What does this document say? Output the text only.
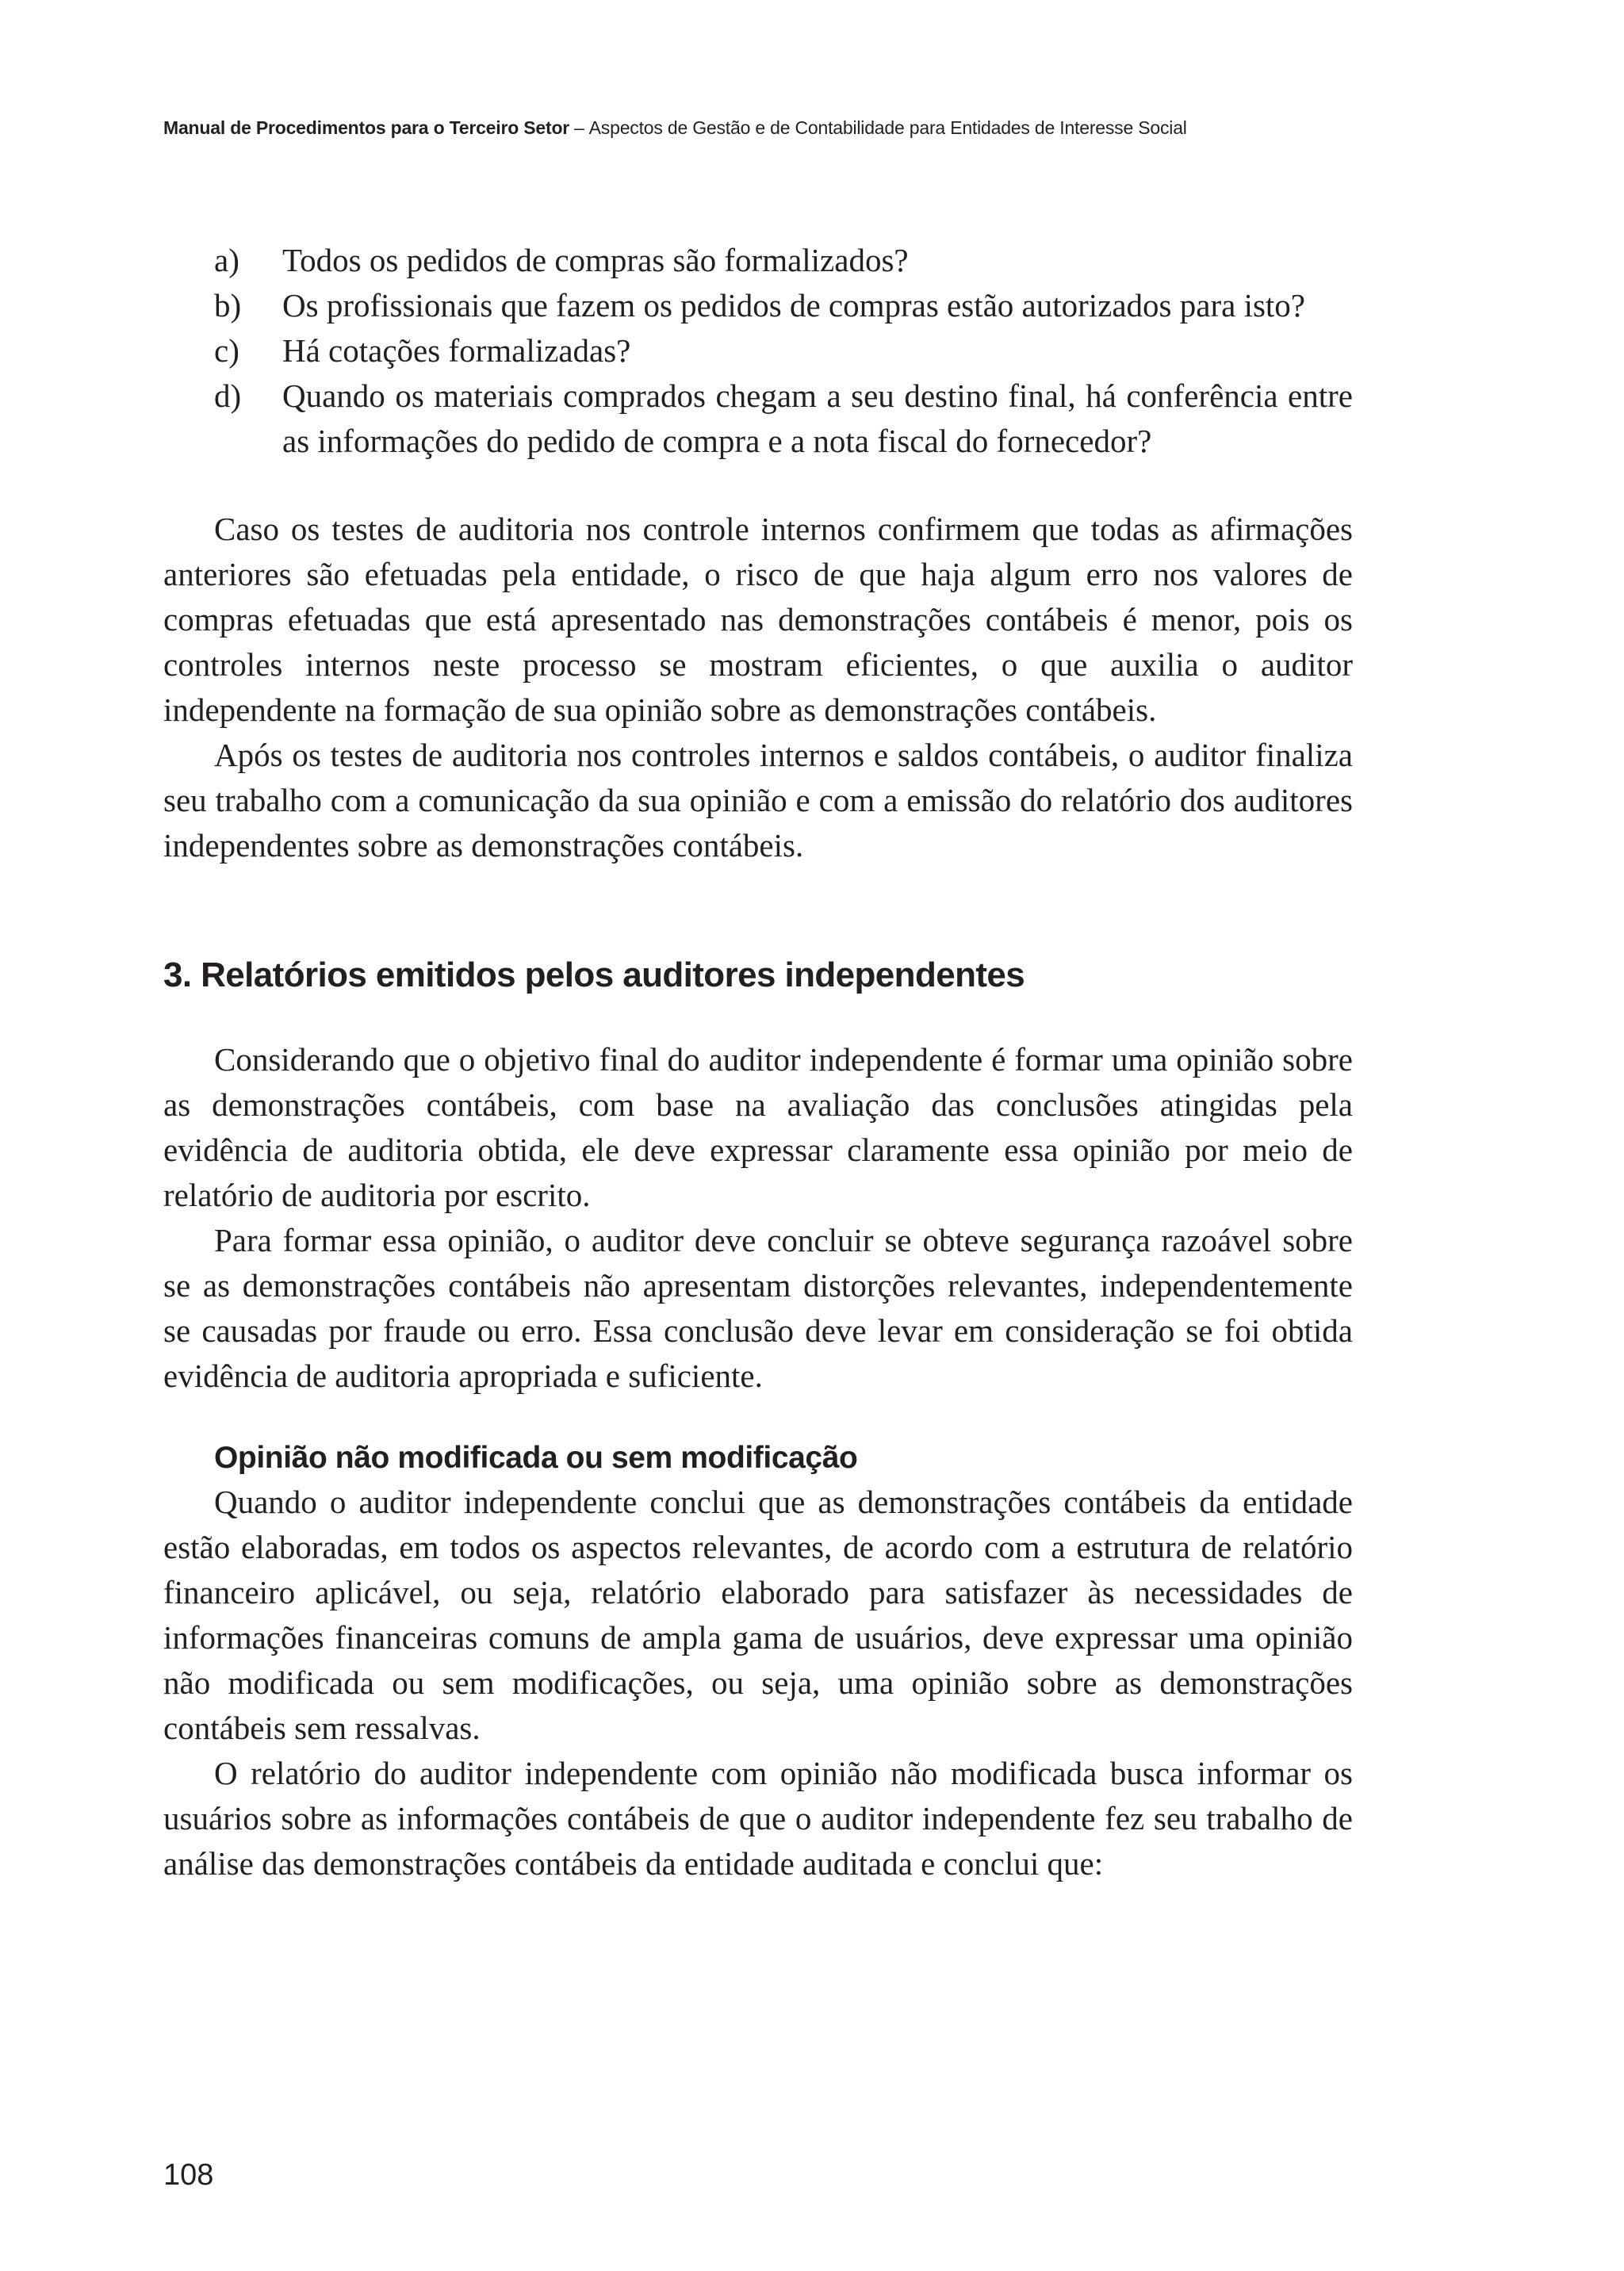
Manual de Procedimentos para o Terceiro Setor – Aspectos de Gestão e de Contabilidade para Entidades de Interesse Social
a)	Todos os pedidos de compras são formalizados?
b)	Os profissionais que fazem os pedidos de compras estão autorizados para isto?
c)	Há cotações formalizadas?
d)	Quando os materiais comprados chegam a seu destino final, há conferência entre as informações do pedido de compra e a nota fiscal do fornecedor?

Caso os testes de auditoria nos controle internos confirmem que todas as afirmações anteriores são efetuadas pela entidade, o risco de que haja algum erro nos valores de compras efetuadas que está apresentado nas demonstrações contábeis é menor, pois os controles internos neste processo se mostram eficientes, o que auxilia o auditor independente na formação de sua opinião sobre as demonstrações contábeis.

Após os testes de auditoria nos controles internos e saldos contábeis, o auditor finaliza seu trabalho com a comunicação da sua opinião e com a emissão do relatório dos auditores independentes sobre as demonstrações contábeis.

3. Relatórios emitidos pelos auditores independentes

Considerando que o objetivo final do auditor independente é formar uma opinião sobre as demonstrações contábeis, com base na avaliação das conclusões atingidas pela evidência de auditoria obtida, ele deve expressar claramente essa opinião por meio de relatório de auditoria por escrito.

Para formar essa opinião, o auditor deve concluir se obteve segurança razoável sobre se as demonstrações contábeis não apresentam distorções relevantes, independentemente se causadas por fraude ou erro. Essa conclusão deve levar em consideração se foi obtida evidência de auditoria apropriada e suficiente.

Opinião não modificada ou sem modificação

Quando o auditor independente conclui que as demonstrações contábeis da entidade estão elaboradas, em todos os aspectos relevantes, de acordo com a estrutura de relatório financeiro aplicável, ou seja, relatório elaborado para satisfazer às necessidades de informações financeiras comuns de ampla gama de usuários, deve expressar uma opinião não modificada ou sem modificações, ou seja, uma opinião sobre as demonstrações contábeis sem ressalvas.

O relatório do auditor independente com opinião não modificada busca informar os usuários sobre as informações contábeis de que o auditor independente fez seu trabalho de análise das demonstrações contábeis da entidade auditada e conclui que:

108
